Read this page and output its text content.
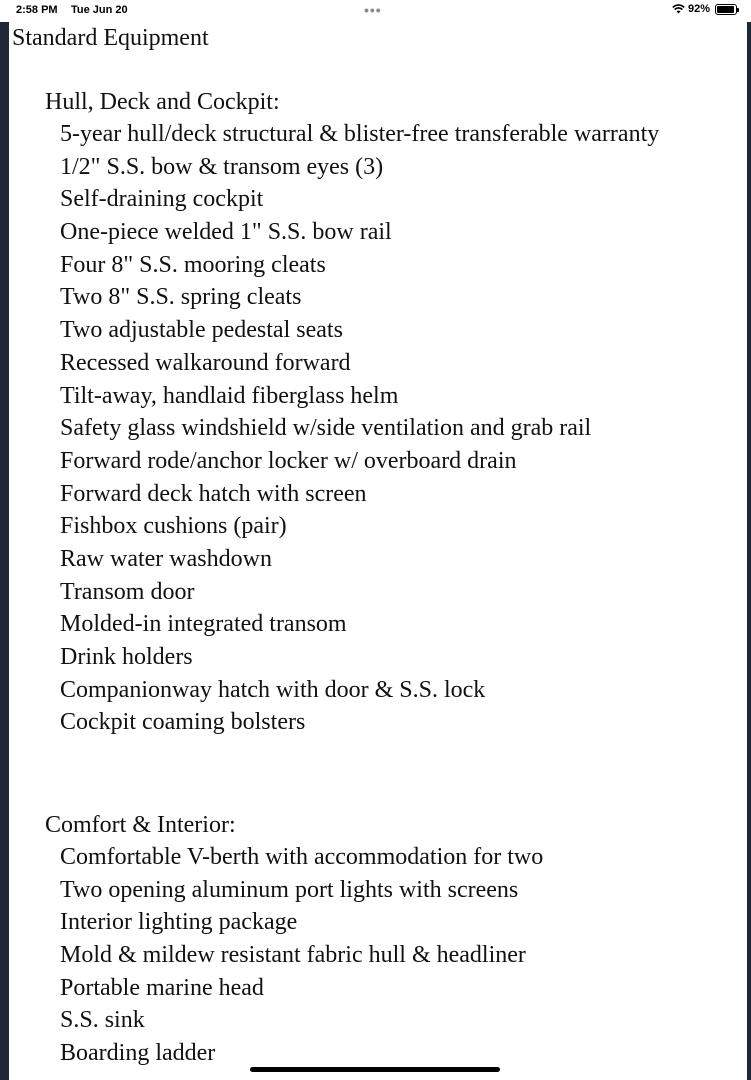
2:58 PM Tue Jun 20	•••	92%
Standard Equipment
Hull, Deck and Cockpit:
5-year hull/deck structural & blister-free transferable warranty
1/2" S.S. bow & transom eyes (3)
Self-draining cockpit
One-piece welded 1" S.S. bow rail
Four 8" S.S. mooring cleats
Two 8" S.S. spring cleats
Two adjustable pedestal seats
Recessed walkaround forward
Tilt-away, handlaid fiberglass helm
Safety glass windshield w/side ventilation and grab rail
Forward rode/anchor locker w/ overboard drain
Forward deck hatch with screen
Fishbox cushions (pair)
Raw water washdown
Transom door
Molded-in integrated transom
Drink holders
Companionway hatch with door & S.S. lock
Cockpit coaming bolsters
Comfort & Interior:
Comfortable V-berth with accommodation for two
Two opening aluminum port lights with screens
Interior lighting package
Mold & mildew resistant fabric hull & headliner
Portable marine head
S.S. sink
Boarding ladder
